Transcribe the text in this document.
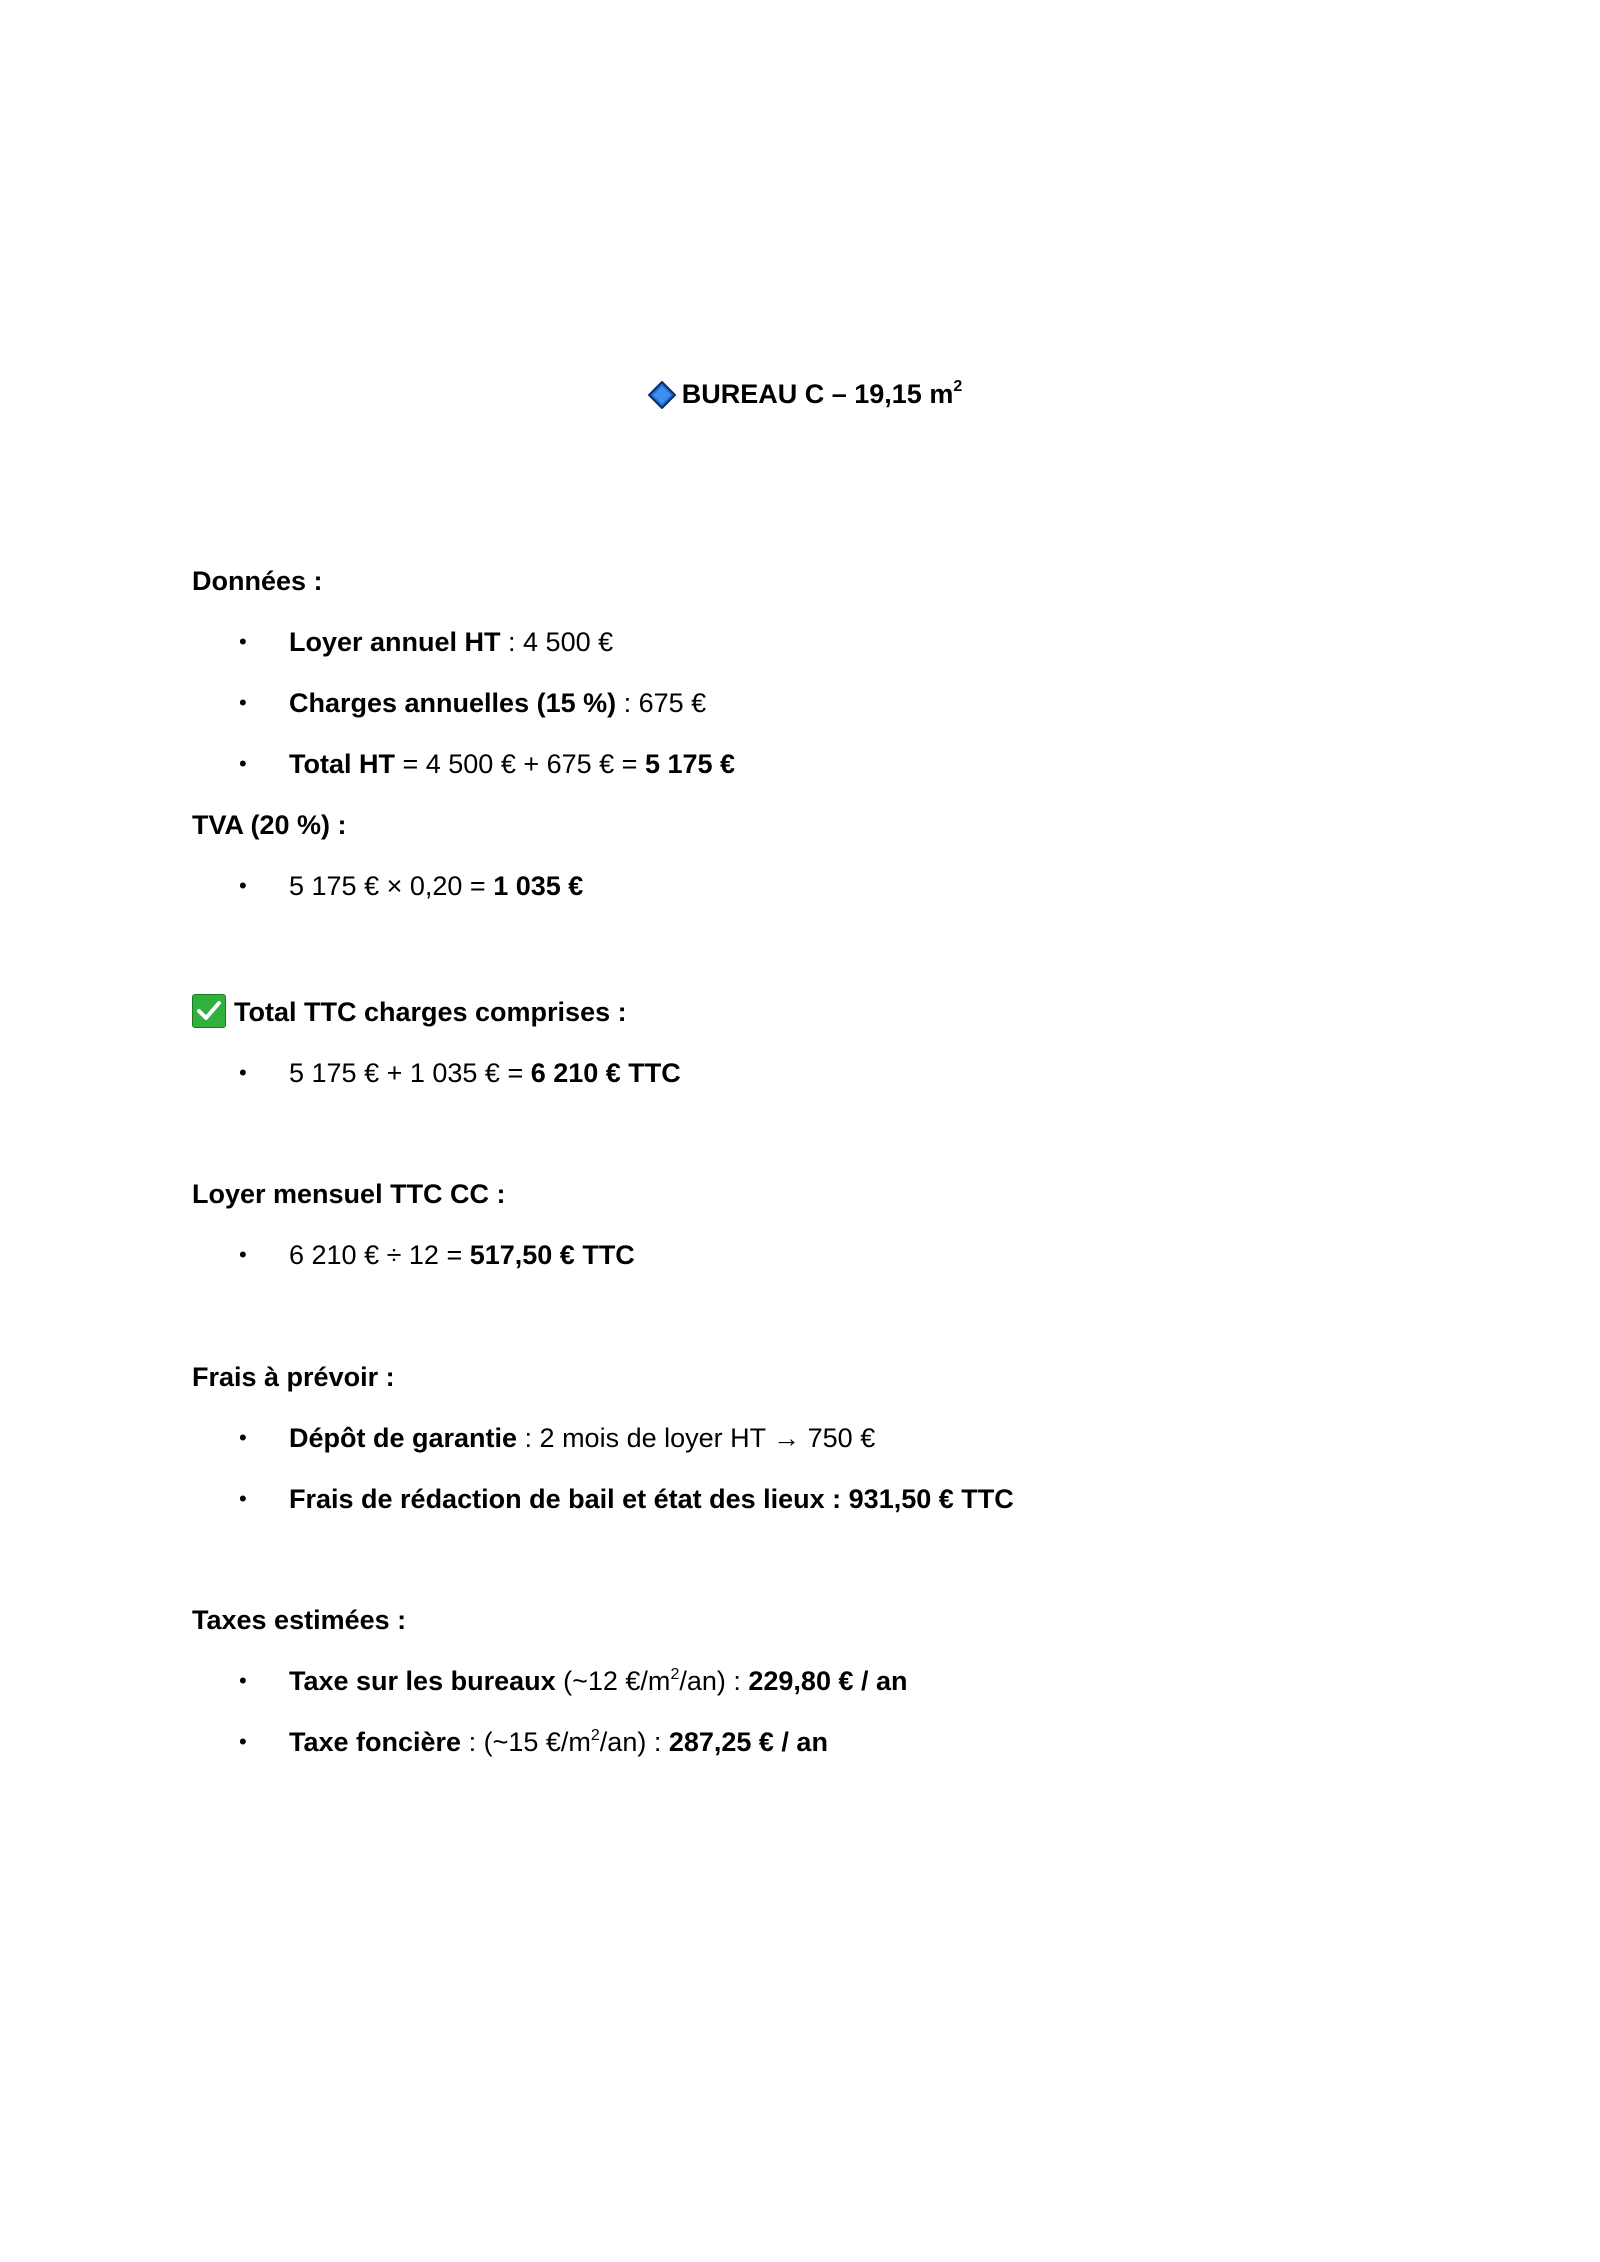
BUREAU C – 19,15 $m^2$
Données :
• Loyer annuel HT : 4 500 €
• Charges annuelles (15 %) : 675 €
• Total HT = 4 500 € + 675 € = 5 175 €
TVA (20 %) :
• 5 175 € × 0,20 = 1 035 €
Total TTC charges comprises :
• 5 175 € + 1 035 € = 6 210 € TTC
Loyer mensuel TTC CC :
• 6 210 € ÷ 12 = 517,50 € TTC
Frais à prévoir :
• Dépôt de garantie : 2 mois de loyer HT → 750 €
• Frais de rédaction de bail et état des lieux : 931,50 € TTC
Taxes estimées :
• Taxe sur les bureaux (~12 $€/m^2/an$) : 229,80 € / an
• Taxe foncière : (~15 $€/m^2/an$) : 287,25 € / an
